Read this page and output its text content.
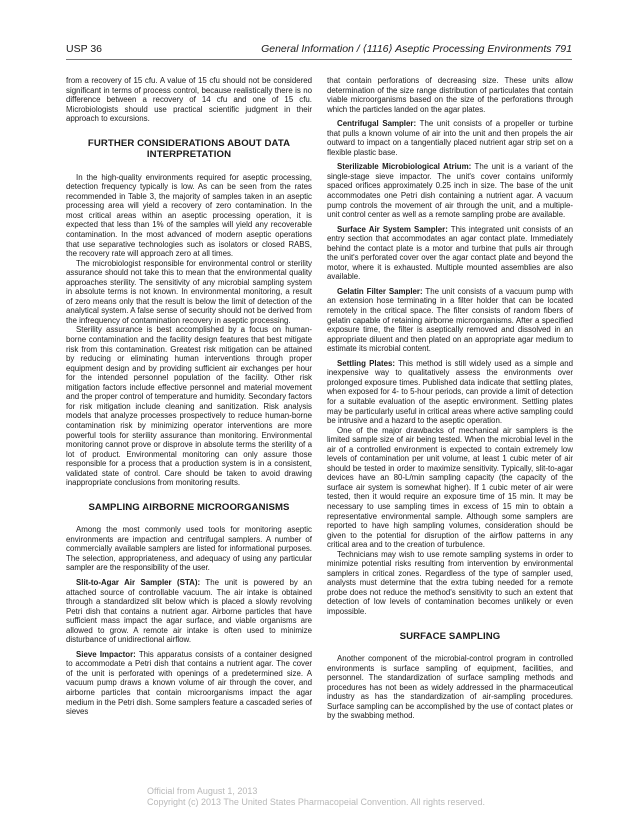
USP 36	General Information / ⟨1116⟩ Aseptic Processing Environments 791

from a recovery of 15 cfu. A value of 15 cfu should not be considered significant in terms of process control, because realistically there is no difference between a recovery of 14 cfu and one of 15 cfu. Microbiologists should use practical scientific judgment in their approach to excursions.

FURTHER CONSIDERATIONS ABOUT DATA INTERPRETATION

In the high-quality environments required for aseptic processing, detection frequency typically is low. As can be seen from the rates recommended in Table 3, the majority of samples taken in an aseptic processing area will yield a recovery of zero contamination. In the most critical areas within an aseptic processing operation, it is expected that less than 1% of the samples will yield any recoverable contamination. In the most advanced of modern aseptic operations that use separative technologies such as isolators or closed RABS, the recovery rate will approach zero at all times.

The microbiologist responsible for environmental control or sterility assurance should not take this to mean that the environmental quality approaches sterility. The sensitivity of any microbial sampling system in absolute terms is not known. In environmental monitoring, a result of zero means only that the result is below the limit of detection of the analytical system. A false sense of security should not be derived from the infrequency of contamination recovery in aseptic processing.

Sterility assurance is best accomplished by a focus on human-borne contamination and the facility design features that best mitigate risk from this contamination. Greatest risk mitigation can be attained by reducing or eliminating human interventions through proper equipment design and by providing sufficient air exchanges per hour for the intended personnel population of the facility. Other risk mitigation factors include effective personnel and material movement and the proper control of temperature and humidity. Secondary factors for risk mitigation include cleaning and sanitization. Risk analysis models that analyze processes prospectively to reduce human-borne contamination risk by minimizing operator interventions are more powerful tools for sterility assurance than monitoring. Environmental monitoring cannot prove or disprove in absolute terms the sterility of a lot of product. Environmental monitoring can only assure those responsible for a process that a production system is in a consistent, validated state of control. Care should be taken to avoid drawing inappropriate conclusions from monitoring results.

SAMPLING AIRBORNE MICROORGANISMS

Among the most commonly used tools for monitoring aseptic environments are impaction and centrifugal samplers. A number of commercially available samplers are listed for informational purposes. The selection, appropriateness, and adequacy of using any particular sampler are the responsibility of the user.

Slit-to-Agar Air Sampler (STA): The unit is powered by an attached source of controllable vacuum. The air intake is obtained through a standardized slit below which is placed a slowly revolving Petri dish that contains a nutrient agar. Airborne particles that have sufficient mass impact the agar surface, and viable organisms are allowed to grow. A remote air intake is often used to minimize disturbance of unidirectional airflow.

Sieve Impactor: This apparatus consists of a container designed to accommodate a Petri dish that contains a nutrient agar. The cover of the unit is perforated with openings of a predetermined size. A vacuum pump draws a known volume of air through the cover, and airborne particles that contain microorganisms impact the agar medium in the Petri dish. Some samplers feature a cascaded series of sieves

that contain perforations of decreasing size. These units allow determination of the size range distribution of particulates that contain viable microorganisms based on the size of the perforations through which the particles landed on the agar plates.

Centrifugal Sampler: The unit consists of a propeller or turbine that pulls a known volume of air into the unit and then propels the air outward to impact on a tangentially placed nutrient agar strip set on a flexible plastic base.

Sterilizable Microbiological Atrium: The unit is a variant of the single-stage sieve impactor. The unit's cover contains uniformly spaced orifices approximately 0.25 inch in size. The base of the unit accommodates one Petri dish containing a nutrient agar. A vacuum pump controls the movement of air through the unit, and a multiple-unit control center as well as a remote sampling probe are available.

Surface Air System Sampler: This integrated unit consists of an entry section that accommodates an agar contact plate. Immediately behind the contact plate is a motor and turbine that pulls air through the unit's perforated cover over the agar contact plate and beyond the motor, where it is exhausted. Multiple mounted assemblies are also available.

Gelatin Filter Sampler: The unit consists of a vacuum pump with an extension hose terminating in a filter holder that can be located remotely in the critical space. The filter consists of random fibers of gelatin capable of retaining airborne microorganisms. After a specified exposure time, the filter is aseptically removed and dissolved in an appropriate diluent and then plated on an appropriate agar medium to estimate its microbial content.

Settling Plates: This method is still widely used as a simple and inexpensive way to qualitatively assess the environments over prolonged exposure times. Published data indicate that settling plates, when exposed for 4- to 5-hour periods, can provide a limit of detection for a suitable evaluation of the aseptic environment. Settling plates may be particularly useful in critical areas where active sampling could be intrusive and a hazard to the aseptic operation.

One of the major drawbacks of mechanical air samplers is the limited sample size of air being tested. When the microbial level in the air of a controlled environment is expected to contain extremely low levels of contamination per unit volume, at least 1 cubic meter of air should be tested in order to maximize sensitivity. Typically, slit-to-agar devices have an 80-L/min sampling capacity (the capacity of the surface air system is somewhat higher). If 1 cubic meter of air were tested, then it would require an exposure time of 15 min. It may be necessary to use sampling times in excess of 15 min to obtain a representative environmental sample. Although some samplers are reported to have high sampling volumes, consideration should be given to the potential for disruption of the airflow patterns in any critical area and to the creation of turbulence.

Technicians may wish to use remote sampling systems in order to minimize potential risks resulting from intervention by environmental samplers in critical zones. Regardless of the type of sampler used, analysts must determine that the extra tubing needed for a remote probe does not reduce the method's sensitivity to such an extent that detection of low levels of contamination becomes unlikely or even impossible.

SURFACE SAMPLING

Another component of the microbial-control program in controlled environments is surface sampling of equipment, facilities, and personnel. The standardization of surface sampling methods and procedures has not been as widely addressed in the pharmaceutical industry as has the standardization of air-sampling procedures. Surface sampling can be accomplished by the use of contact plates or by the swabbing method.

Official from August 1, 2013
Copyright (c) 2013 The United States Pharmacopeial Convention. All rights reserved.
